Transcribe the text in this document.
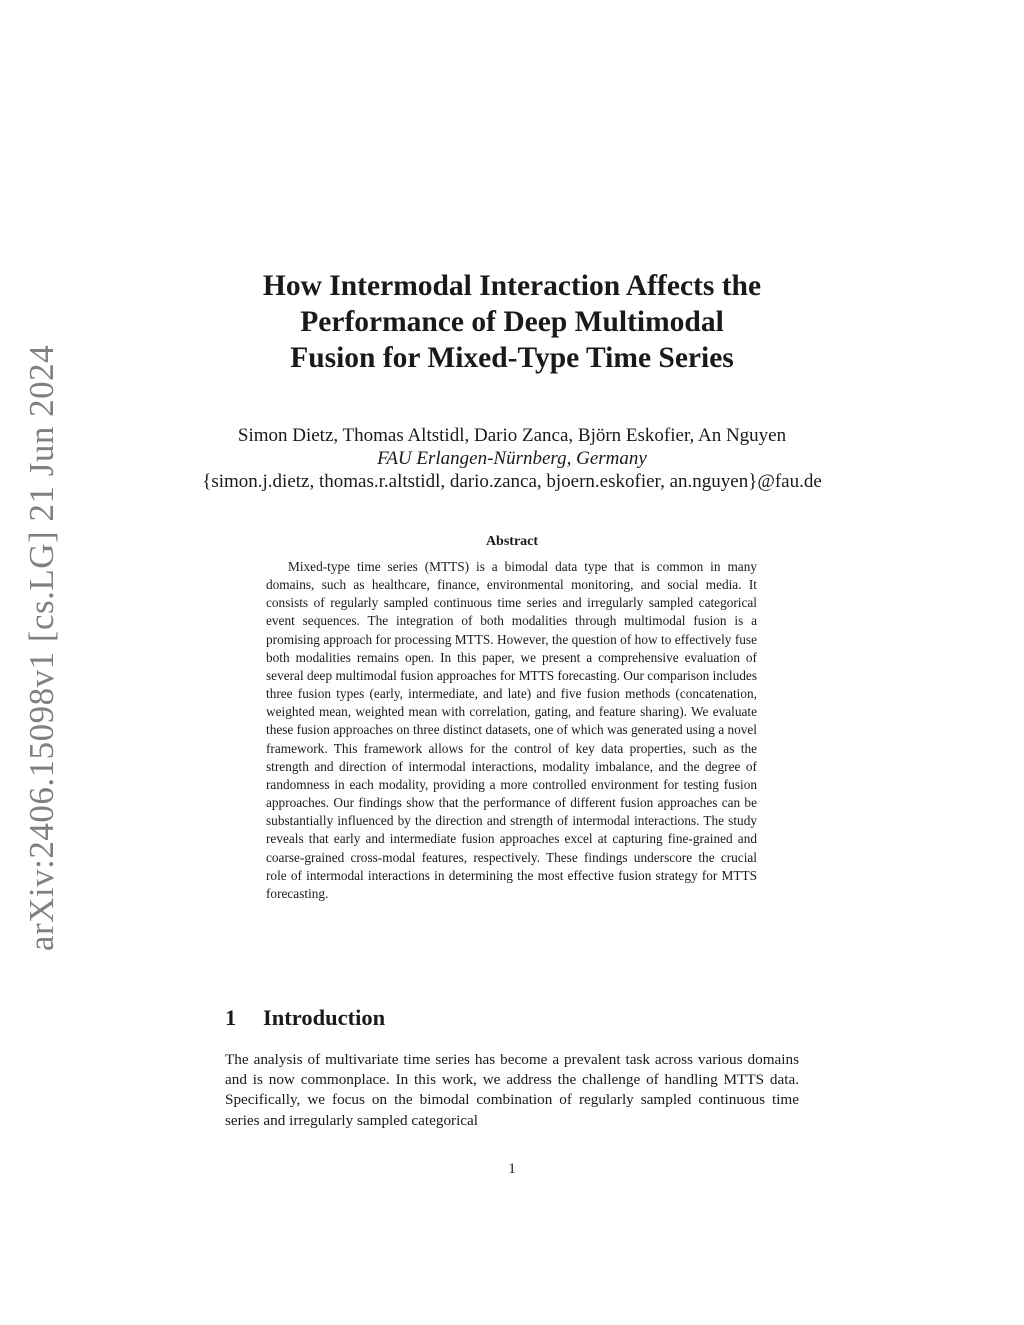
arXiv:2406.15098v1 [cs.LG] 21 Jun 2024
How Intermodal Interaction Affects the
Performance of Deep Multimodal
Fusion for Mixed-Type Time Series
Simon Dietz, Thomas Altstidl, Dario Zanca, Björn Eskofier, An Nguyen
FAU Erlangen-Nürnberg, Germany
{simon.j.dietz, thomas.r.altstidl, dario.zanca, bjoern.eskofier, an.nguyen}@fau.de
Abstract

Mixed-type time series (MTTS) is a bimodal data type that is common in many domains, such as healthcare, finance, environmental monitoring, and social media. It consists of regularly sampled continuous time series and irregularly sampled categorical event sequences. The integration of both modalities through multimodal fusion is a promising approach for processing MTTS. However, the question of how to effectively fuse both modalities remains open. In this paper, we present a comprehensive evaluation of several deep multimodal fusion approaches for MTTS forecasting. Our comparison includes three fusion types (early, intermediate, and late) and five fusion methods (concatenation, weighted mean, weighted mean with correlation, gating, and feature sharing). We evaluate these fusion approaches on three distinct datasets, one of which was generated using a novel framework. This framework allows for the control of key data properties, such as the strength and direction of intermodal interactions, modality imbalance, and the degree of randomness in each modality, providing a more controlled environment for testing fusion approaches. Our findings show that the performance of different fusion approaches can be substantially influenced by the direction and strength of intermodal interactions. The study reveals that early and intermediate fusion approaches excel at capturing fine-grained and coarse-grained cross-modal features, respectively. These findings underscore the crucial role of intermodal interactions in determining the most effective fusion strategy for MTTS forecasting.

1 Introduction

The analysis of multivariate time series has become a prevalent task across various domains and is now commonplace. In this work, we address the challenge of handling MTTS data. Specifically, we focus on the bimodal combination of regularly sampled continuous time series and irregularly sampled categorical

1
